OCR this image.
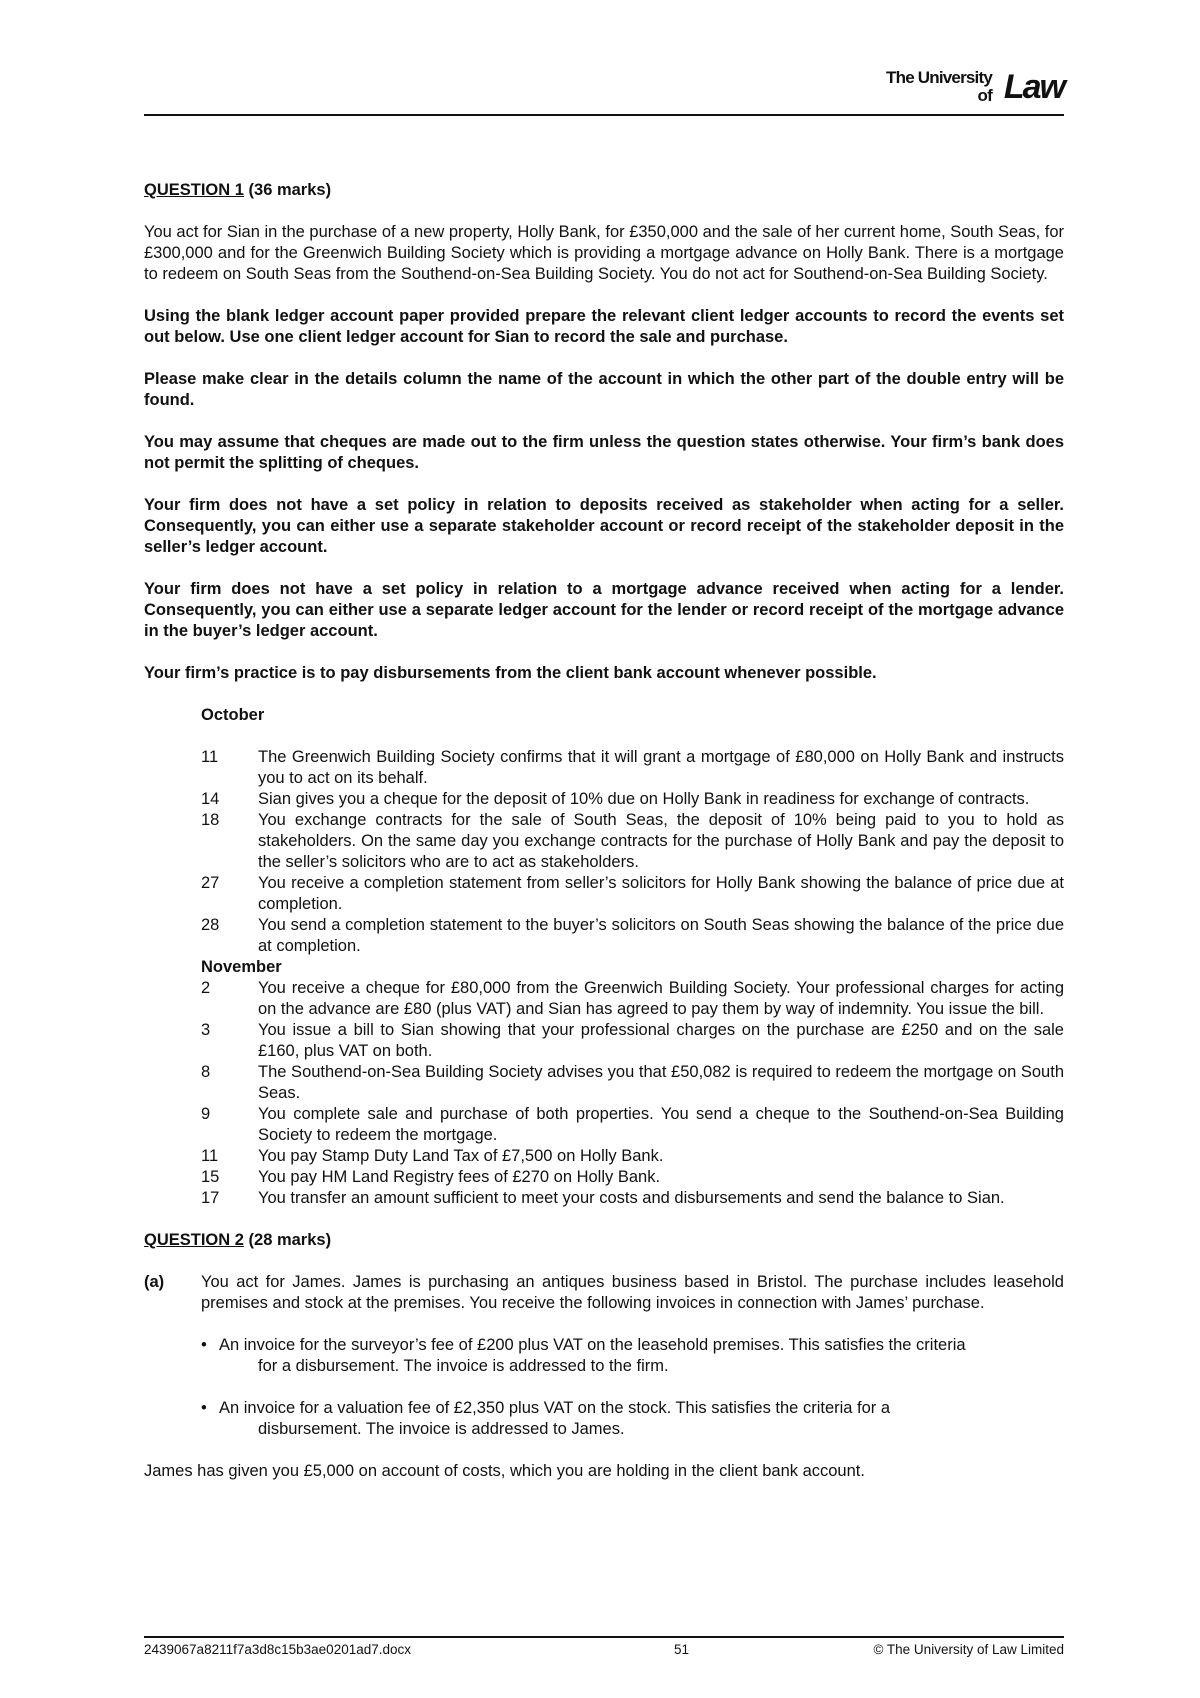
The University
of Law
QUESTION 1 (36 marks)

You act for Sian in the purchase of a new property, Holly Bank, for £350,000 and the sale of her current home, South Seas, for £300,000 and for the Greenwich Building Society which is providing a mortgage advance on Holly Bank. There is a mortgage to redeem on South Seas from the Southend-on-Sea Building Society. You do not act for Southend-on-Sea Building Society.

Using the blank ledger account paper provided prepare the relevant client ledger accounts to record the events set out below. Use one client ledger account for Sian to record the sale and purchase.

Please make clear in the details column the name of the account in which the other part of the double entry will be found.

You may assume that cheques are made out to the firm unless the question states otherwise. Your firm’s bank does not permit the splitting of cheques.

Your firm does not have a set policy in relation to deposits received as stakeholder when acting for a seller. Consequently, you can either use a separate stakeholder account or record receipt of the stakeholder deposit in the seller’s ledger account.

Your firm does not have a set policy in relation to a mortgage advance received when acting for a lender. Consequently, you can either use a separate ledger account for the lender or record receipt of the mortgage advance in the buyer’s ledger account.

Your firm’s practice is to pay disbursements from the client bank account whenever possible.

October
11	The Greenwich Building Society confirms that it will grant a mortgage of £80,000 on Holly Bank and instructs you to act on its behalf.
14	Sian gives you a cheque for the deposit of 10% due on Holly Bank in readiness for exchange of contracts.
18	You exchange contracts for the sale of South Seas, the deposit of 10% being paid to you to hold as stakeholders. On the same day you exchange contracts for the purchase of Holly Bank and pay the deposit to the seller’s solicitors who are to act as stakeholders.
27	You receive a completion statement from seller’s solicitors for Holly Bank showing the balance of price due at completion.
28	You send a completion statement to the buyer’s solicitors on South Seas showing the balance of the price due at completion.
November
2	You receive a cheque for £80,000 from the Greenwich Building Society. Your professional charges for acting on the advance are £80 (plus VAT) and Sian has agreed to pay them by way of indemnity. You issue the bill.
3	You issue a bill to Sian showing that your professional charges on the purchase are £250 and on the sale £160, plus VAT on both.
8	The Southend-on-Sea Building Society advises you that £50,082 is required to redeem the mortgage on South Seas.
9	You complete sale and purchase of both properties. You send a cheque to the Southend-on-Sea Building Society to redeem the mortgage.
11	You pay Stamp Duty Land Tax of £7,500 on Holly Bank.
15	You pay HM Land Registry fees of £270 on Holly Bank.
17	You transfer an amount sufficient to meet your costs and disbursements and send the balance to Sian.
QUESTION 2 (28 marks)
(a)	You act for James. James is purchasing an antiques business based in Bristol. The purchase includes leasehold premises and stock at the premises. You receive the following invoices in connection with James’ purchase.
• An invoice for the surveyor’s fee of £200 plus VAT on the leasehold premises. This satisfies the criteria
for a disbursement. The invoice is addressed to the firm.
• An invoice for a valuation fee of £2,350 plus VAT on the stock. This satisfies the criteria for a
disbursement. The invoice is addressed to James.

James has given you £5,000 on account of costs, which you are holding in the client bank account.

2439067a8211f7a3d8c15b3ae0201ad7.docx	51	© The University of Law Limited
